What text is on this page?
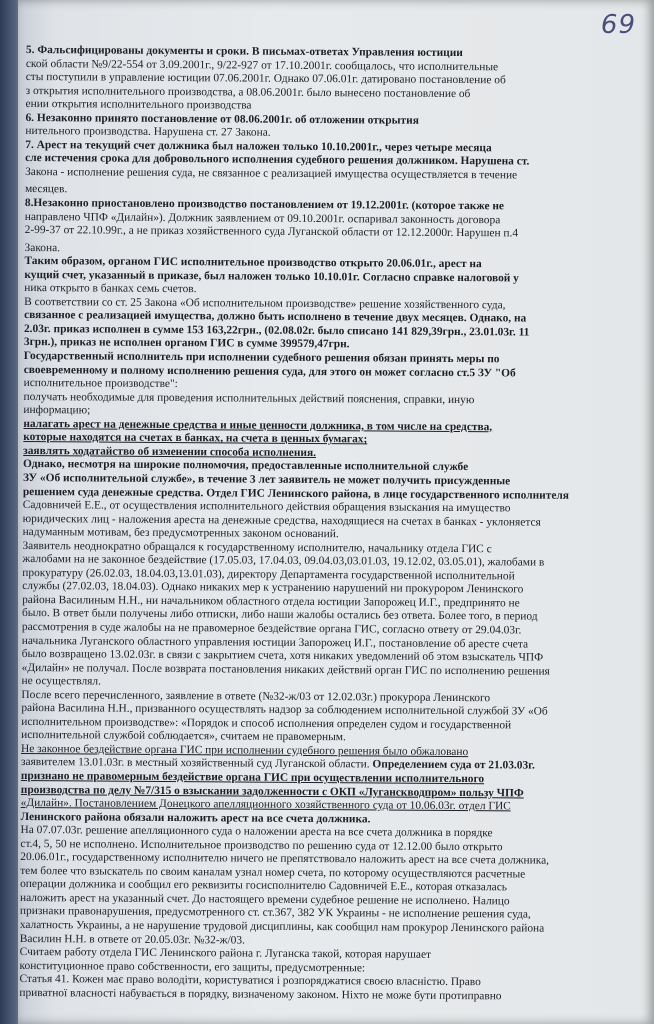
69
5. Фальсифицированы документы и сроки. В письмах-ответах Управления юстиции
ской области №9/22-554 от 3.09.2001г., 9/22-927 от 17.10.2001г. сообщалось, что исполнительные
сты поступили в управление юстиции 07.06.2001г. Однако 07.06.01г. датировано постановление об
з открытия исполнительного производства, а 08.06.2001г. было вынесено постановление об
ении открытия исполнительного производства
6. Незаконно принято постановление от 08.06.2001г. об отложении открытия
нительного производства. Нарушена ст. 27 Закона.
7. Арест на текущий счет должника был наложен только 10.10.2001г., через четыре месяца
сле истечения срока для добровольного исполнения судебного решения должником. Нарушена ст.
Закона - исполнение решения суда, не связанное с реализацией имущества осуществляется в течение
месяцев.
8.Незаконно приостановлено производство постановлением от 19.12.2001г. (которое также не
направлено ЧПФ «Дилайн»). Должник заявлением от 09.10.2001г. оспаривал законность договора
2-99-37 от 22.10.99г., а не приказ хозяйственного суда Луганской области от 12.12.2000г. Нарушен п.4
Закона.
Таким образом, органом ГИС исполнительное производство открыто 20.06.01г., арест на
кущий счет, указанный в приказе, был наложен только 10.10.01г. Согласно справке налоговой у
ника открыто в банках семь счетов.
В соответствии со ст. 25 Закона «Об исполнительном производстве» решение хозяйственного суда,
связанное с реализацией имущества, должно быть исполнено в течение двух месяцев. Однако, на
2.03г. приказ исполнен в сумме 153 163,22грн., (02.08.02г. было списано 141 829,39грн., 23.01.03г. 11
3грн.), приказ не исполнен органом ГИС в сумме 399579,47грн.
Государственный исполнитель при исполнении судебного решения обязан принять меры по
своевременному и полному исполнению решения суда, для этого он может согласно ст.5 ЗУ "Об
исполнительное производстве":
получать необходимые для проведения исполнительных действий пояснения, справки, иную
информацию;
налагать арест на денежные средства и иные ценности должника, в том числе на средства,
которые находятся на счетах в банках, на счета в ценных бумагах;
заявлять ходатайство об изменении способа исполнения.
Однако, несмотря на широкие полномочия, предоставленные исполнительной службе
ЗУ «Об исполнительной службе», в течение 3 лет заявитель не может получить присужденные
решением суда денежные средства. Отдел ГИС Ленинского района, в лице государственного исполнителя
Садовничей Е.Е., от осуществления исполнительного действия обращения взыскания на имущество
юридических лиц - наложения ареста на денежные средства, находящиеся на счетах в банках - уклоняется
надуманным мотивам, без предусмотренных законом оснований.
Заявитель неоднократно обращался к государственному исполнителю, начальнику отдела ГИС с
жалобами на не законное бездействие (17.05.03, 17.04.03, 09.04.03,03.01.03, 19.12.02, 03.05.01), жалобами в
прокуратуру (26.02.03, 18.04.03,13.01.03), директору Департамента государственной исполнительной
службы (27.02.03, 18.04.03). Однако никаких мер к устранению нарушений ни прокурором Ленинского
района Василиным Н.Н., ни начальником областного отдела юстиции Запорожец И.Г., предпринято не
было. В ответ были получены либо отписки, либо наши жалобы остались без ответа. Более того, в период
рассмотрения в суде жалобы на не правомерное бездействие органа ГИС, согласно ответу от 29.04.03г.
начальника Луганского областного управления юстиции Запорожец И.Г., постановление об аресте счета
было возвращено 13.02.03г. в связи с закрытием счета, хотя никаких уведомлений об этом взыскатель ЧПФ
«Дилайн» не получал. После возврата постановления никаких действий орган ГИС по исполнению решения
не осуществлял.
После всего перечисленного, заявление в ответе (№32-ж/03 от 12.02.03г.) прокурора Ленинского
района Василина Н.Н., призванного осуществлять надзор за соблюдением исполнительной службой ЗУ «Об
исполнительном производстве»: «Порядок и способ исполнения определен судом и государственной
исполнительной службой соблюдается», считаем не правомерным.
Не законное бездействие органа ГИС при исполнении судебного решения было обжаловано
заявителем 13.01.03г. в местный хозяйственный суд Луганской области. Определением суда от 21.03.03г.
признано не правомерным бездействие органа ГИС при осуществлении исполнительного
производства по делу №7/315 о взыскании задолженности с ОКП «Луганскводпром» пользу ЧПФ
«Дилайн». Постановлением Донецкого апелляционного хозяйственного суда от 10.06.03г. отдел ГИС
Ленинского района обязали наложить арест на все счета должника.
На 07.07.03г. решение апелляционного суда о наложении ареста на все счета должника в порядке
ст.4, 5, 50 не исполнено. Исполнительное производство по решению суда от 12.12.00 было открыто
20.06.01г., государственному исполнителю ничего не препятствовало наложить арест на все счета должника,
тем более что взыскатель по своим каналам узнал номер счета, по которому осуществляются расчетные
операции должника и сообщил его реквизиты госисполнителю Садовничей Е.Е., которая отказалась
наложить арест на указанный счет. До настоящего времени судебное решение не исполнено. Налицо
признаки правонарушения, предусмотренного ст. ст.367, 382 УК Украины - не исполнение решения суда,
халатность Украины, а не нарушение трудовой дисциплины, как сообщил нам прокурор Ленинского района
Василин Н.Н. в ответе от 20.05.03г. №32-ж/03.
Считаем работу отдела ГИС Ленинского района г. Луганска такой, которая нарушает
конституционное право собственности, его защиты, предусмотренные:
Статья 41. Кожен має право володіти, користуватися і розпоряджатися своєю власністю. Право
приватної власності набувається в порядку, визначеному законом. Ніхто не може бути протиправно
